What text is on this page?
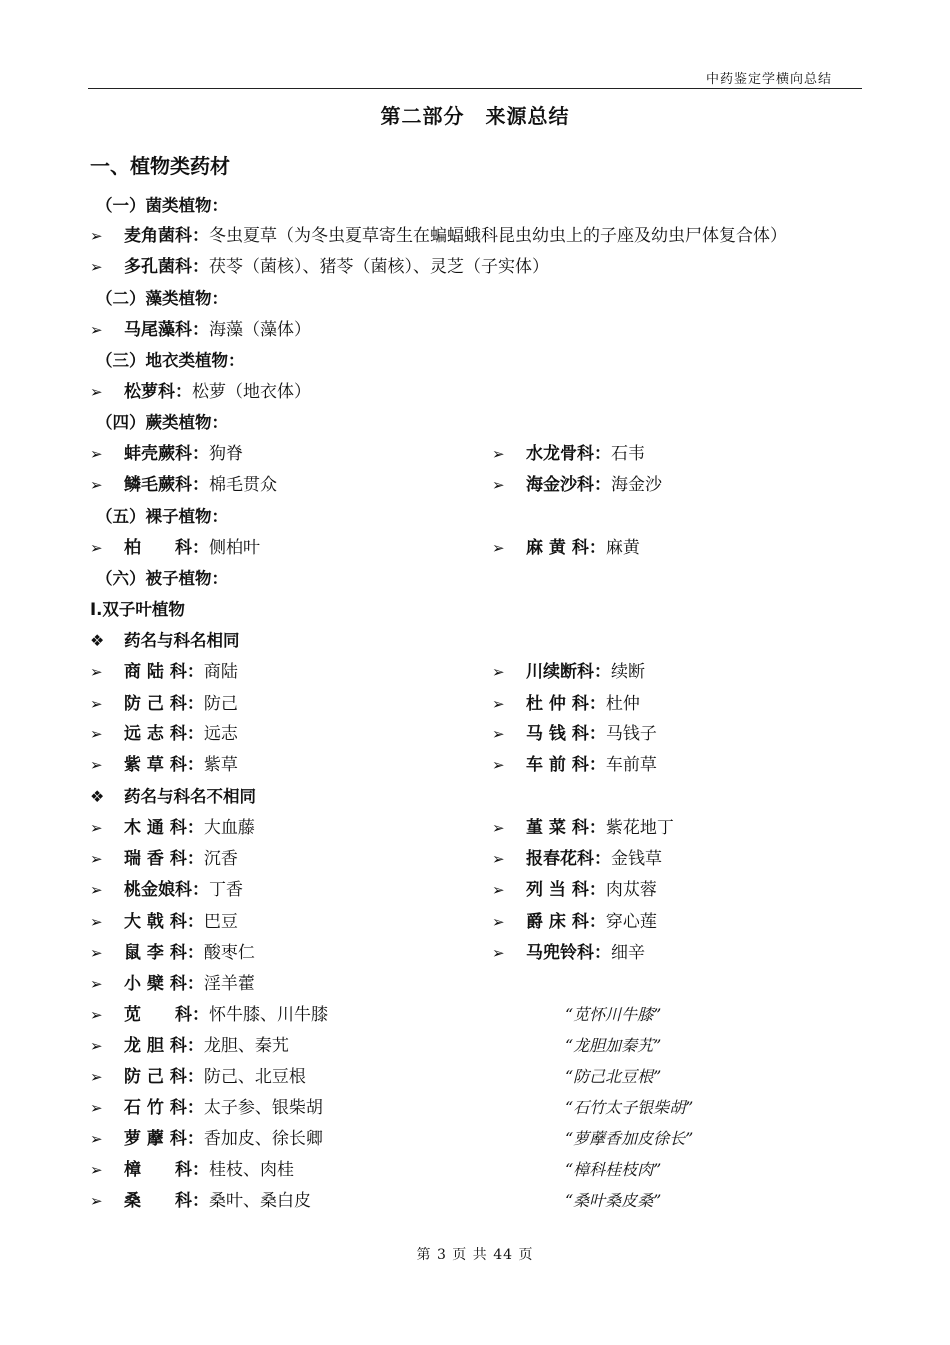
中药鉴定学横向总结
第二部分　来源总结
一、植物类药材
（一）菌类植物：
（二）藻类植物：
（三）地衣类植物：
（四）蕨类植物：
（五）裸子植物：
（六）被子植物：
Ⅰ.双子叶植物
❖ 药名与科名相同
❖ 药名与科名不相同
➢ 麦角菌科：冬虫夏草（为冬虫夏草寄生在蝙蝠蛾科昆虫幼虫上的子座及幼虫尸体复合体）
➢ 多孔菌科：茯苓（菌核）、猪苓（菌核）、灵芝（子实体）
➢ 马尾藻科：海藻（藻体）
➢ 松萝科：松萝（地衣体）
➢ 蚌壳蕨科：狗脊	➢ 水龙骨科：石韦
➢ 鳞毛蕨科：棉毛贯众	➢ 海金沙科：海金沙
➢ 柏　　科：侧柏叶	➢ 麻 黄 科：麻黄
➢ 商 陆 科：商陆	➢ 川续断科：续断
➢ 防 己 科：防己	➢ 杜 仲 科：杜仲
➢ 远 志 科：远志	➢ 马 钱 科：马钱子
➢ 紫 草 科：紫草	➢ 车 前 科：车前草
➢ 木 通 科：大血藤	➢ 堇 菜 科：紫花地丁
➢ 瑞 香 科：沉香	➢ 报春花科：金钱草
➢ 桃金娘科：丁香	➢ 列 当 科：肉苁蓉
➢ 大 戟 科：巴豆	➢ 爵 床 科：穿心莲
➢ 鼠 李 科：酸枣仁	➢ 马兜铃科：细辛
➢ 小 檗 科：淫羊藿
➢ 苋　　科：怀牛膝、川牛膝	“苋怀川牛膝”
➢ 龙 胆 科：龙胆、秦艽	“龙胆加秦艽”
➢ 防 己 科：防己、北豆根	“防己北豆根”
➢ 石 竹 科：太子参、银柴胡	“石竹太子银柴胡”
➢ 萝 藦 科：香加皮、徐长卿	“萝藦香加皮徐长”
➢ 樟　　科：桂枝、肉桂	“樟科桂枝肉”
➢ 桑　　科：桑叶、桑白皮	“桑叶桑皮桑”
第 3 页 共 44 页
